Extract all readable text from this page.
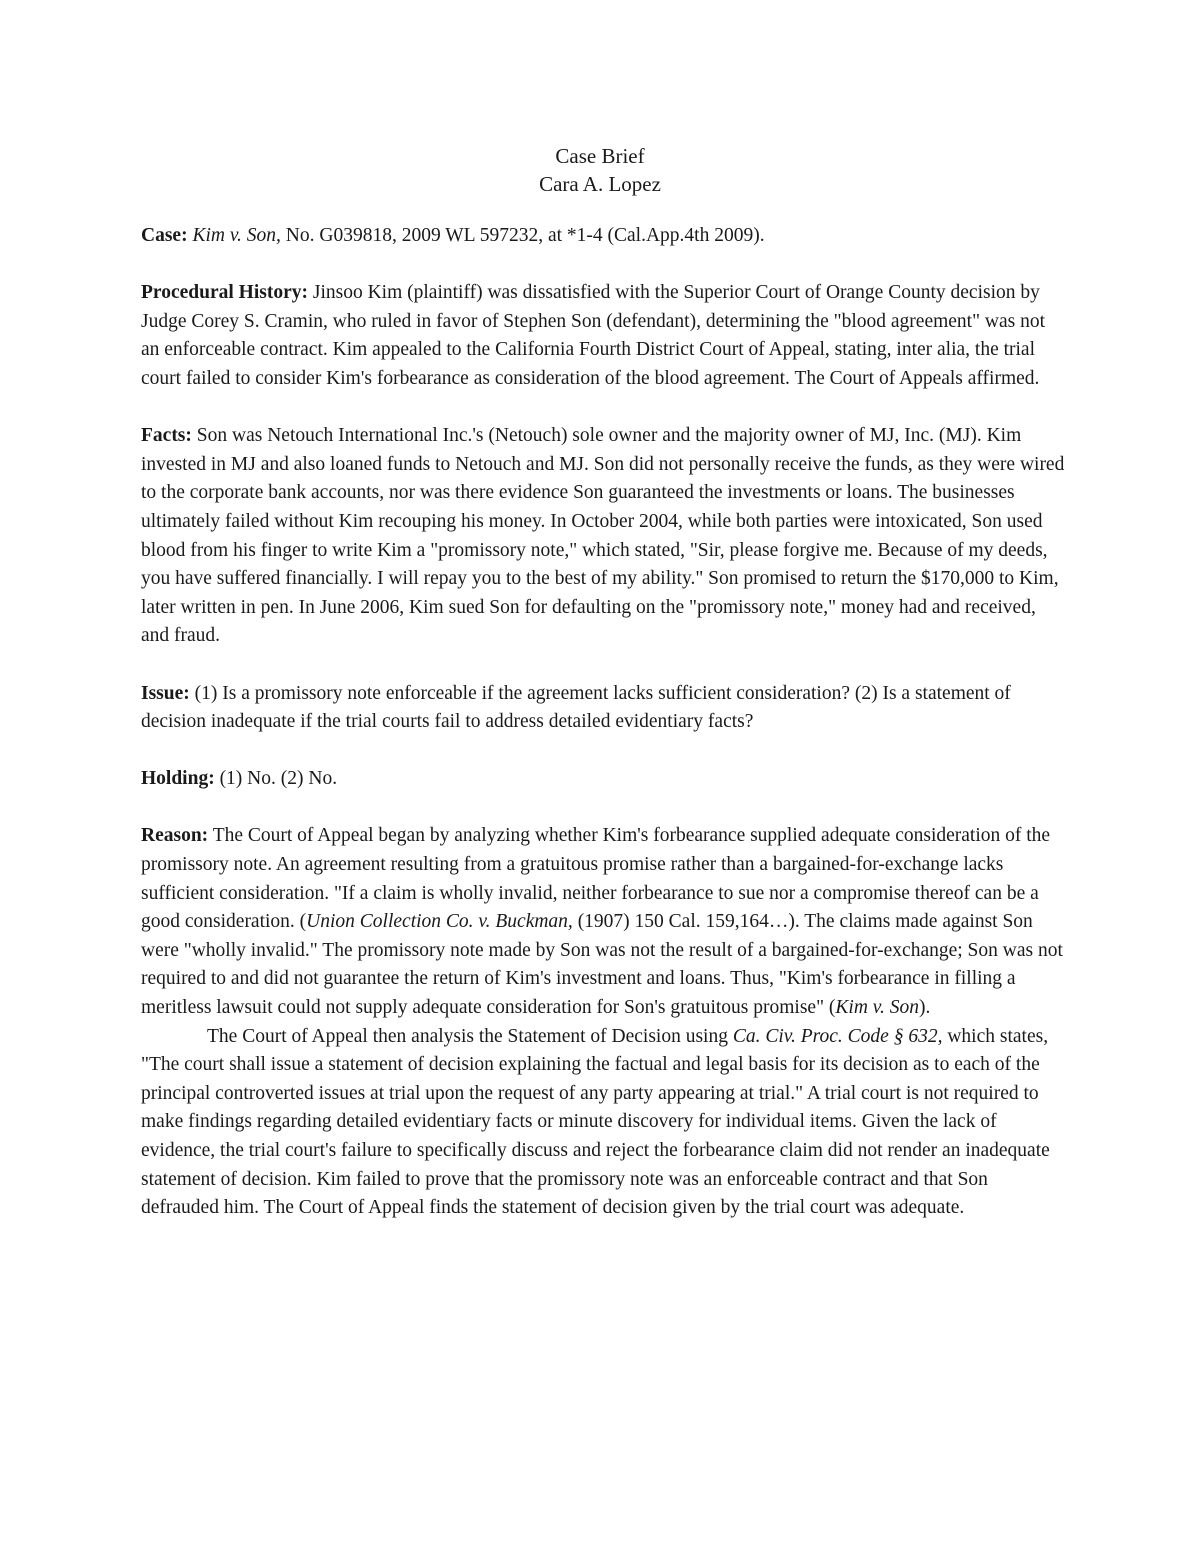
Case Brief
Cara A. Lopez

Case: Kim v. Son, No. G039818, 2009 WL 597232, at *1-4 (Cal.App.4th 2009).

Procedural History: Jinsoo Kim (plaintiff) was dissatisfied with the Superior Court of Orange County decision by Judge Corey S. Cramin, who ruled in favor of Stephen Son (defendant), determining the "blood agreement" was not an enforceable contract. Kim appealed to the California Fourth District Court of Appeal, stating, inter alia, the trial court failed to consider Kim's forbearance as consideration of the blood agreement. The Court of Appeals affirmed.

Facts: Son was Netouch International Inc.'s (Netouch) sole owner and the majority owner of MJ, Inc. (MJ). Kim invested in MJ and also loaned funds to Netouch and MJ. Son did not personally receive the funds, as they were wired to the corporate bank accounts, nor was there evidence Son guaranteed the investments or loans. The businesses ultimately failed without Kim recouping his money. In October 2004, while both parties were intoxicated, Son used blood from his finger to write Kim a "promissory note," which stated, "Sir, please forgive me. Because of my deeds, you have suffered financially. I will repay you to the best of my ability." Son promised to return the $170,000 to Kim, later written in pen. In June 2006, Kim sued Son for defaulting on the "promissory note," money had and received, and fraud.

Issue: (1) Is a promissory note enforceable if the agreement lacks sufficient consideration? (2) Is a statement of decision inadequate if the trial courts fail to address detailed evidentiary facts?

Holding: (1) No. (2) No.

Reason: The Court of Appeal began by analyzing whether Kim's forbearance supplied adequate consideration of the promissory note. An agreement resulting from a gratuitous promise rather than a bargained-for-exchange lacks sufficient consideration. "If a claim is wholly invalid, neither forbearance to sue nor a compromise thereof can be a good consideration. (Union Collection Co. v. Buckman, (1907) 150 Cal. 159,164…). The claims made against Son were "wholly invalid." The promissory note made by Son was not the result of a bargained-for-exchange; Son was not required to and did not guarantee the return of Kim's investment and loans. Thus, "Kim's forbearance in filling a meritless lawsuit could not supply adequate consideration for Son's gratuitous promise" (Kim v. Son).

The Court of Appeal then analysis the Statement of Decision using Ca. Civ. Proc. Code § 632, which states, "The court shall issue a statement of decision explaining the factual and legal basis for its decision as to each of the principal controverted issues at trial upon the request of any party appearing at trial." A trial court is not required to make findings regarding detailed evidentiary facts or minute discovery for individual items. Given the lack of evidence, the trial court's failure to specifically discuss and reject the forbearance claim did not render an inadequate statement of decision. Kim failed to prove that the promissory note was an enforceable contract and that Son defrauded him. The Court of Appeal finds the statement of decision given by the trial court was adequate.
